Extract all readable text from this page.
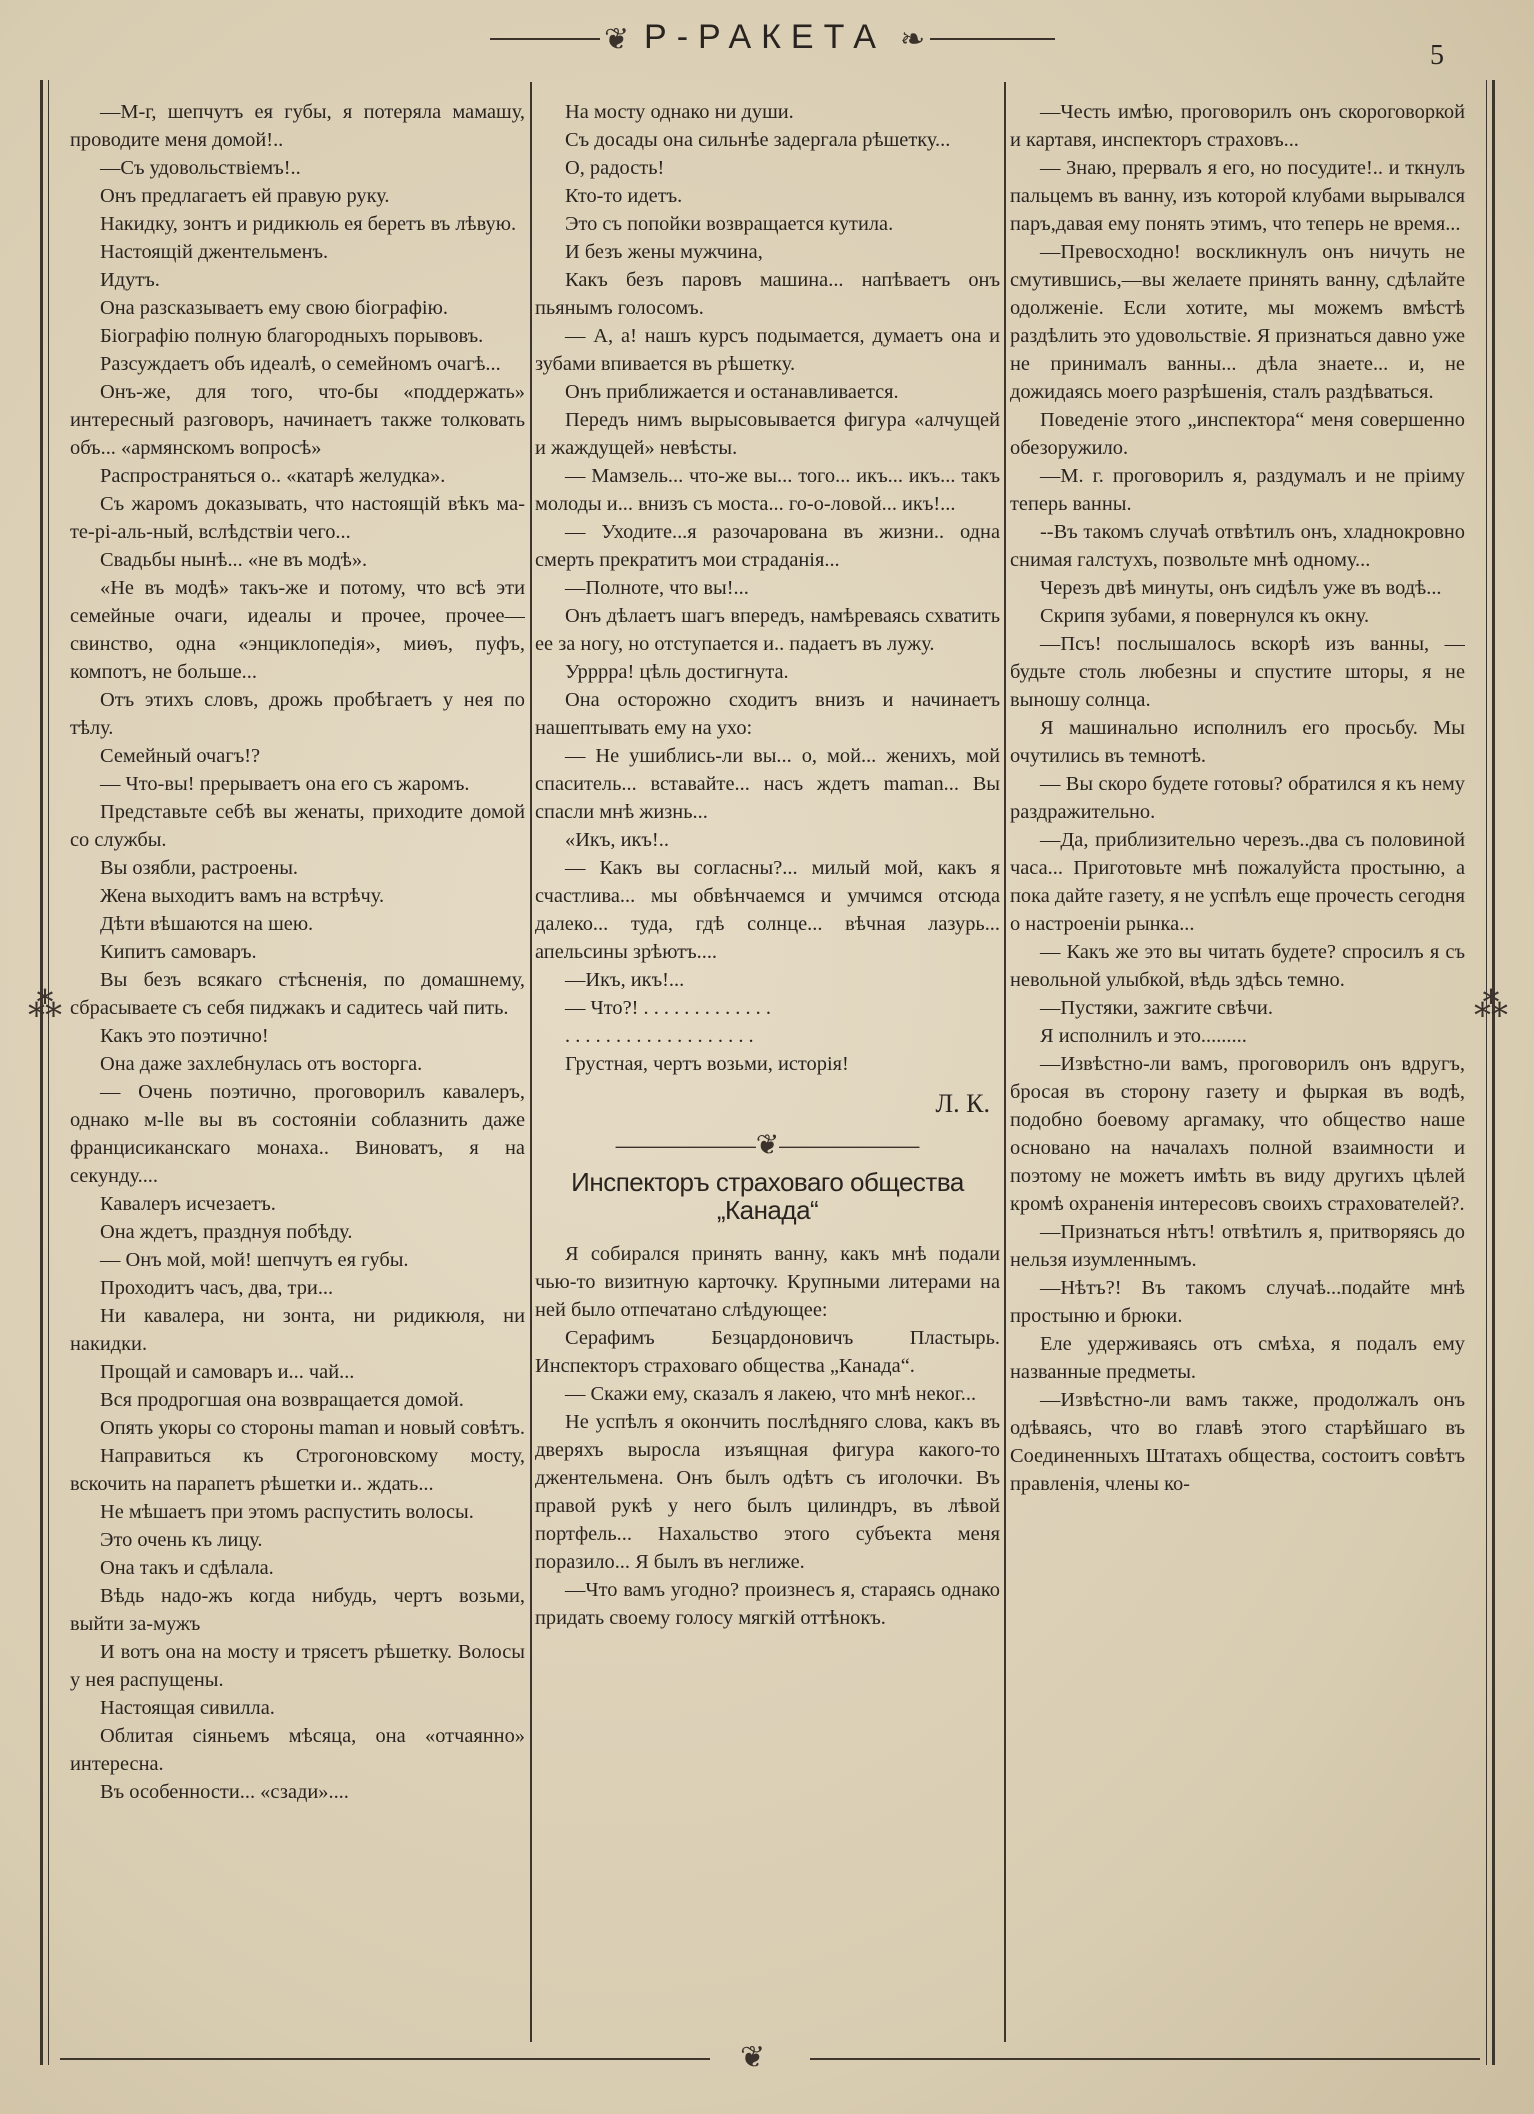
❦ Р-РАКЕТА ❧	5
❦
⁂	⁂

—М-г, шепчутъ ея губы, я потеряла мамашу, проводите меня домой!..

—Съ удовольствіемъ!..

Онъ предлагаетъ ей правую руку.

Накидку, зонтъ и ридикюль ея беретъ въ лѣвую.

Настоящій джентельменъ.

Идутъ.

Она разсказываетъ ему свою біографію.

Біографію полную благородныхъ порывовъ.

Разсуждаетъ объ идеалѣ, о семейномъ очагѣ...

Онъ-же, для того, что-бы «поддержать» интересный разговоръ, начинаетъ также толковать объ... «армянскомъ вопросѣ»

Распространяться о.. «катарѣ желудка».

Съ жаромъ доказывать, что настоящій вѣкъ ма-те-рі-аль-ный, вслѣдствіи чего...

Свадьбы нынѣ... «не въ модѣ».

«Не въ модѣ» такъ-же и потому, что всѣ эти семейные очаги, идеалы и прочее, прочее—свинство, одна «энциклопедія», миѳъ, пуфъ, компотъ, не больше...

Отъ этихъ словъ, дрожь пробѣгаетъ у нея по тѣлу.

Семейный очагъ!?

— Что-вы! прерываетъ она его съ жаромъ.

Представьте себѣ вы женаты, приходите домой со службы.

Вы озябли, растроены.

Жена выходитъ вамъ на встрѣчу.

Дѣти вѣшаются на шею.

Кипитъ самоваръ.

Вы безъ всякаго стѣсненія, по домашнему, сбрасываете съ себя пиджакъ и садитесь чай пить.

Какъ это поэтично!

Она даже захлебнулась отъ восторга.

— Очень поэтично, проговорилъ кавалеръ, однако м-lle вы въ состояніи соблазнить даже францисиканскаго монаха.. Виноватъ, я на секунду....

Кавалеръ исчезаетъ.

Она ждетъ, празднуя побѣду.

— Онъ мой, мой! шепчутъ ея губы.

Проходитъ часъ, два, три...

Ни кавалера, ни зонта, ни ридикюля, ни накидки.

Прощай и самоваръ и... чай...

Вся продрогшая она возвращается домой.

Опять укоры со стороны maman и новый совѣтъ.

Направиться къ Строгоновскому мосту, вскочить на парапетъ рѣшетки и.. ждать...

Не мѣшаетъ при этомъ распустить волосы.

Это очень къ лицу.

Она такъ и сдѣлала.

Вѣдь надо-жъ когда нибудь, чертъ возьми, выйти за-мужъ

И вотъ она на мосту и трясетъ рѣшетку. Волосы у нея распущены.

Настоящая сивилла.

Облитая сіяньемъ мѣсяца, она «отчаянно» интересна.

Въ особенности... «сзади»....

На мосту однако ни души.

Съ досады она сильнѣе задергала рѣшетку...

О, радость!

Кто-то идетъ.

Это съ попойки возвращается кутила.

И безъ жены мужчина,

Какъ безъ паровъ машина... напѣваетъ онъ пьянымъ голосомъ.

— А, а! нашъ курсъ подымается, думаетъ она и зубами впивается въ рѣшетку.

Онъ приближается и останавливается.

Передъ нимъ вырысовывается фигура «алчущей и жаждущей» невѣсты.

— Мамзель... что-же вы... того... икъ... икъ... такъ молоды и... внизъ съ моста... го-о-ловой... икъ!...

— Уходите...я разочарована въ жизни.. одна смерть прекратитъ мои страданія...

—Полноте, что вы!...

Онъ дѣлаетъ шагъ впередъ, намѣреваясь схватить ее за ногу, но отступается и.. падаетъ въ лужу.

Урррра! цѣль достигнута.

Она осторожно сходитъ внизъ и начинаетъ нашептывать ему на ухо:

— Не ушиблись-ли вы... о, мой... женихъ, мой спаситель... вставайте... насъ ждетъ maman... Вы спасли мнѣ жизнь...

«Икъ, икъ!..

— Какъ вы согласны?... милый мой, какъ я счастлива... мы обвѣнчаемся и умчимся отсюда далеко... туда, гдѣ солнце... вѣчная лазурь... апельсины зрѣютъ....

—Икъ, икъ!...

— Что?! . . . . . . . . . . . . .

. . . . . . . . . . . . . . . . . . .

Грустная, чертъ возьми, исторія!

Л. К.

—————❦—————

Инспекторъ страховаго общества „Канада“

Я собирался принять ванну, какъ мнѣ подали чью-то визитную карточку. Крупными литерами на ней было отпечатано слѣдующее:

Серафимъ Безцардоновичъ Пластырь. Инспекторъ страховаго общества „Канада“.

— Скажи ему, сказалъ я лакею, что мнѣ неког...

Не успѣлъ я окончить послѣдняго слова, какъ въ дверяхъ выросла изъящная фигура какого-то джентельмена. Онъ былъ одѣтъ съ иголочки. Въ правой рукѣ у него былъ цилиндръ, въ лѣвой портфель... Нахальство этого субъекта меня поразило... Я былъ въ неглиже.

—Что вамъ угодно? произнесъ я, стараясь однако придать своему голосу мягкій оттѣнокъ.

—Честь имѣю, проговорилъ онъ скороговоркой и картавя, инспекторъ страховъ...

— Знаю, прервалъ я его, но посудите!.. и ткнулъ пальцемъ въ ванну, изъ которой клубами вырывался паръ,давая ему понять этимъ, что теперь не время...

—Превосходно! воскликнулъ онъ ничуть не смутившись,—вы желаете принять ванну, сдѣлайте одолженіе. Если хотите, мы можемъ вмѣстѣ раздѣлить это удовольствіе. Я признаться давно уже не принималъ ванны... дѣла знаете... и, не дожидаясь моего разрѣшенія, сталъ раздѣваться.

Поведеніе этого „инспектора“ меня совершенно обезоружило.

—М. г. проговорилъ я, раздумалъ и не пріиму теперь ванны.

--Въ такомъ случаѣ отвѣтилъ онъ, хладнокровно снимая галстухъ, позвольте мнѣ одному...

Черезъ двѣ минуты, онъ сидѣлъ уже въ водѣ...

Скрипя зубами, я повернулся къ окну.

—Псъ! послышалось вскорѣ изъ ванны, — будьте столь любезны и спустите шторы, я не выношу солнца.

Я машинально исполнилъ его просьбу. Мы очутились въ темнотѣ.

— Вы скоро будете готовы? обратился я къ нему раздражительно.

—Да, приблизительно черезъ..два съ половиной часа... Приготовьте мнѣ пожалуйста простыню, а пока дайте газету, я не успѣлъ еще прочесть сегодня о настроеніи рынка...

— Какъ же это вы читать будете? спросилъ я съ невольной улыбкой, вѣдь здѣсь темно.

—Пустяки, зажгите свѣчи.

Я исполнилъ и это.........

—Извѣстно-ли вамъ, проговорилъ онъ вдругъ, бросая въ сторону газету и фыркая въ водѣ, подобно боевому аргамаку, что общество наше основано на началахъ полной взаимности и поэтому не можетъ имѣть въ виду другихъ цѣлей кромѣ охраненія интересовъ своихъ страхователей?.

—Признаться нѣтъ! отвѣтилъ я, притворяясь до нельзя изумленнымъ.

—Нѣтъ?! Въ такомъ случаѣ...подайте мнѣ простыню и брюки.

Еле удерживаясь отъ смѣха, я подалъ ему названные предметы.

—Извѣстно-ли вамъ также, продолжалъ онъ одѣваясь, что во главѣ этого старѣйшаго въ Соединенныхъ Штатахъ общества, состоитъ совѣтъ правленія, члены ко-
